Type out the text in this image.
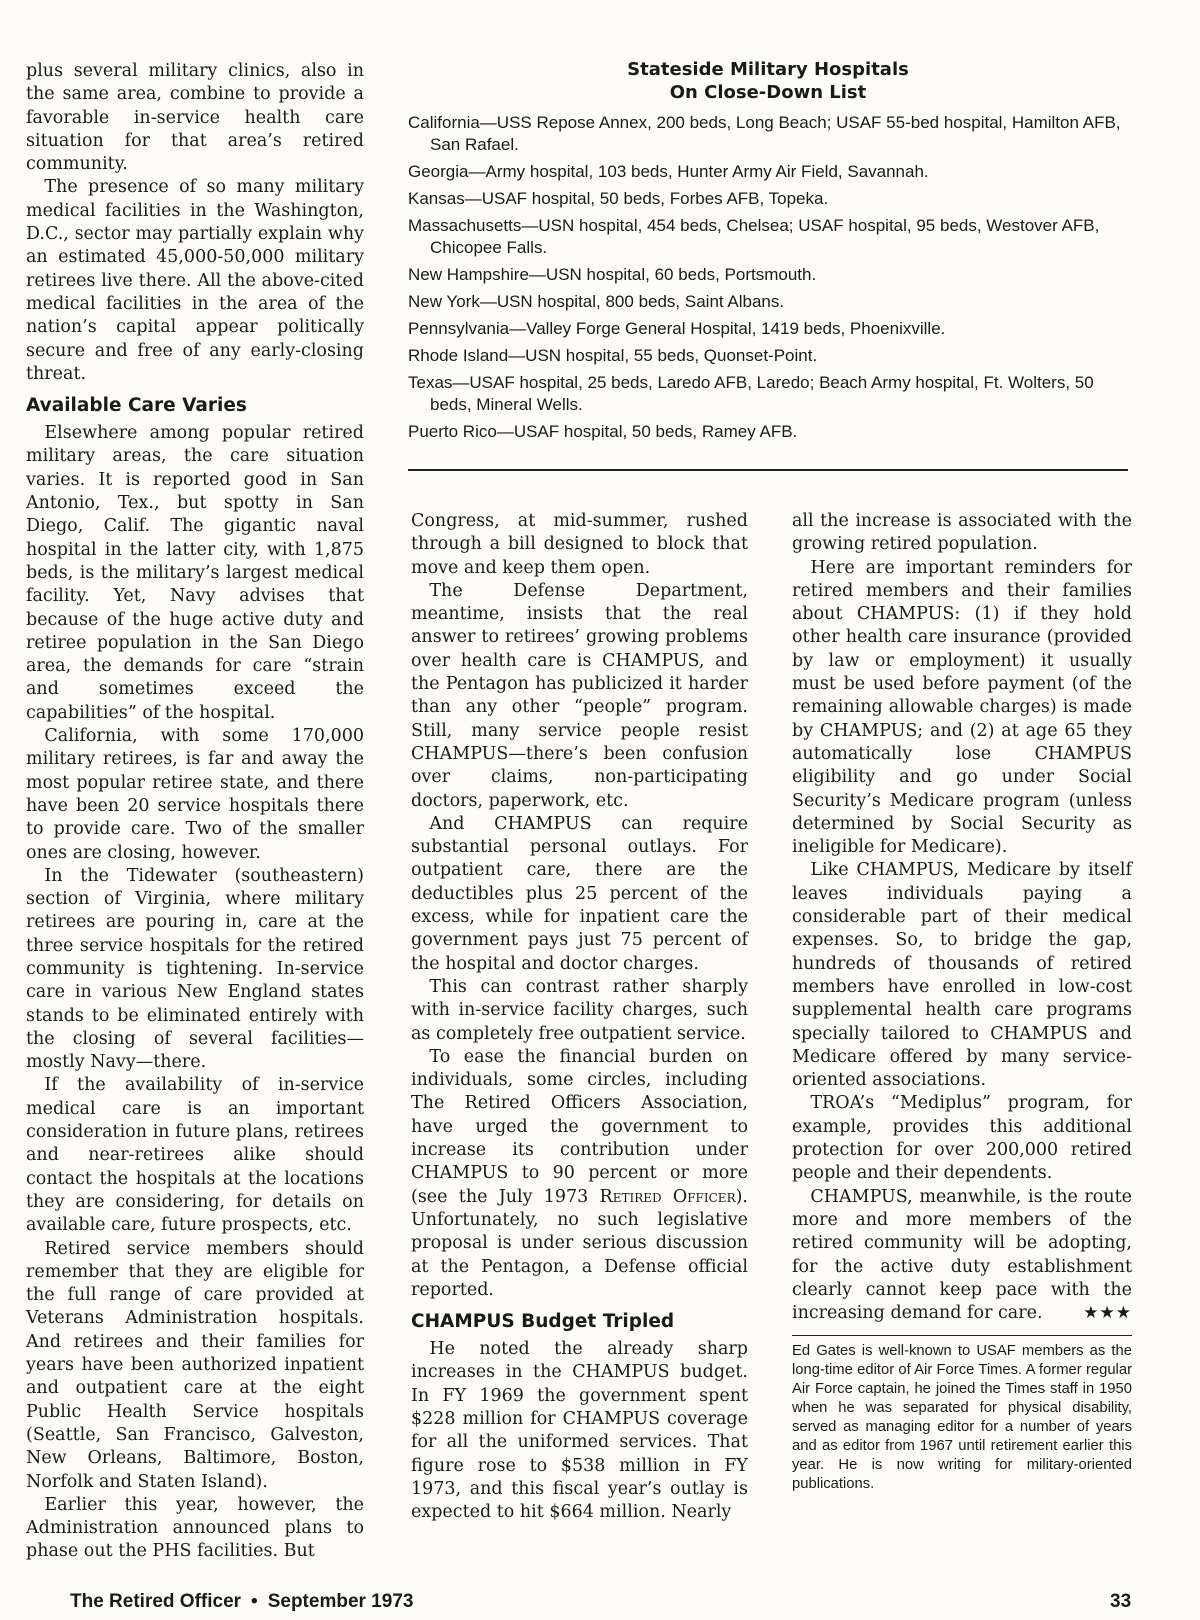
plus several military clinics, also in the same area, combine to provide a favorable in-service health care situation for that area’s retired community.

The presence of so many military medical facilities in the Washington, D.C., sector may partially explain why an estimated 45,000-50,000 military retirees live there. All the above-cited medical facilities in the area of the nation’s capital appear politically secure and free of any early-closing threat.

Available Care Varies

Elsewhere among popular retired military areas, the care situation varies. It is reported good in San Antonio, Tex., but spotty in San Diego, Calif. The gigantic naval hospital in the latter city, with 1,875 beds, is the military’s largest medical facility. Yet, Navy advises that because of the huge active duty and retiree population in the San Diego area, the demands for care “strain and sometimes exceed the capabilities” of the hospital.

California, with some 170,000 military retirees, is far and away the most popular retiree state, and there have been 20 service hospitals there to provide care. Two of the smaller ones are closing, however.

In the Tidewater (southeastern) section of Virginia, where military retirees are pouring in, care at the three service hospitals for the retired community is tightening. In-service care in various New England states stands to be eliminated entirely with the closing of several facilities—mostly Navy—there.

If the availability of in-service medical care is an important consideration in future plans, retirees and near-retirees alike should contact the hospitals at the locations they are considering, for details on available care, future prospects, etc.

Retired service members should remember that they are eligible for the full range of care provided at Veterans Administration hospitals. And retirees and their families for years have been authorized inpatient and outpatient care at the eight Public Health Service hospitals (Seattle, San Francisco, Galveston, New Orleans, Baltimore, Boston, Norfolk and Staten Island).

Earlier this year, however, the Administration announced plans to phase out the PHS facilities. But

Stateside Military Hospitals
On Close-Down List
California—USS Repose Annex, 200 beds, Long Beach; USAF 55-bed hospital, Hamilton AFB, San Rafael.
Georgia—Army hospital, 103 beds, Hunter Army Air Field, Savannah.
Kansas—USAF hospital, 50 beds, Forbes AFB, Topeka.
Massachusetts—USN hospital, 454 beds, Chelsea; USAF hospital, 95 beds, Westover AFB, Chicopee Falls.
New Hampshire—USN hospital, 60 beds, Portsmouth.
New York—USN hospital, 800 beds, Saint Albans.
Pennsylvania—Valley Forge General Hospital, 1419 beds, Phoenixville.
Rhode Island—USN hospital, 55 beds, Quonset-Point.
Texas—USAF hospital, 25 beds, Laredo AFB, Laredo; Beach Army hospital, Ft. Wolters, 50 beds, Mineral Wells.
Puerto Rico—USAF hospital, 50 beds, Ramey AFB.

Congress, at mid-summer, rushed through a bill designed to block that move and keep them open.

The Defense Department, meantime, insists that the real answer to retirees’ growing problems over health care is CHAMPUS, and the Pentagon has publicized it harder than any other “people” program. Still, many service people resist CHAMPUS—there’s been confusion over claims, non-participating doctors, paperwork, etc.

And CHAMPUS can require substantial personal outlays. For outpatient care, there are the deductibles plus 25 percent of the excess, while for inpatient care the government pays just 75 percent of the hospital and doctor charges.

This can contrast rather sharply with in-service facility charges, such as completely free outpatient service.

To ease the financial burden on individuals, some circles, including The Retired Officers Association, have urged the government to increase its contribution under CHAMPUS to 90 percent or more (see the July 1973 Retired Officer). Unfortunately, no such legislative proposal is under serious discussion at the Pentagon, a Defense official reported.

CHAMPUS Budget Tripled

He noted the already sharp increases in the CHAMPUS budget. In FY 1969 the government spent $228 million for CHAMPUS coverage for all the uniformed services. That figure rose to $538 million in FY 1973, and this fiscal year’s outlay is expected to hit $664 million. Nearly

all the increase is associated with the growing retired population.

Here are important reminders for retired members and their families about CHAMPUS: (1) if they hold other health care insurance (provided by law or employment) it usually must be used before payment (of the remaining allowable charges) is made by CHAMPUS; and (2) at age 65 they automatically lose CHAMPUS eligibility and go under Social Security’s Medicare program (unless determined by Social Security as ineligible for Medicare).

Like CHAMPUS, Medicare by itself leaves individuals paying a considerable part of their medical expenses. So, to bridge the gap, hundreds of thousands of retired members have enrolled in low-cost supplemental health care programs specially tailored to CHAMPUS and Medicare offered by many service-oriented associations.

TROA’s “Mediplus” program, for example, provides this additional protection for over 200,000 retired people and their dependents.

CHAMPUS, meanwhile, is the route more and more members of the retired community will be adopting, for the active duty establishment clearly cannot keep pace with the increasing demand for care.	★★★

Ed Gates is well-known to USAF members as the long-time editor of Air Force Times. A former regular Air Force captain, he joined the Times staff in 1950 when he was separated for physical disability, served as managing editor for a number of years and as editor from 1967 until retirement earlier this year. He is now writing for military-oriented publications.

The Retired Officer • September 1973	33
